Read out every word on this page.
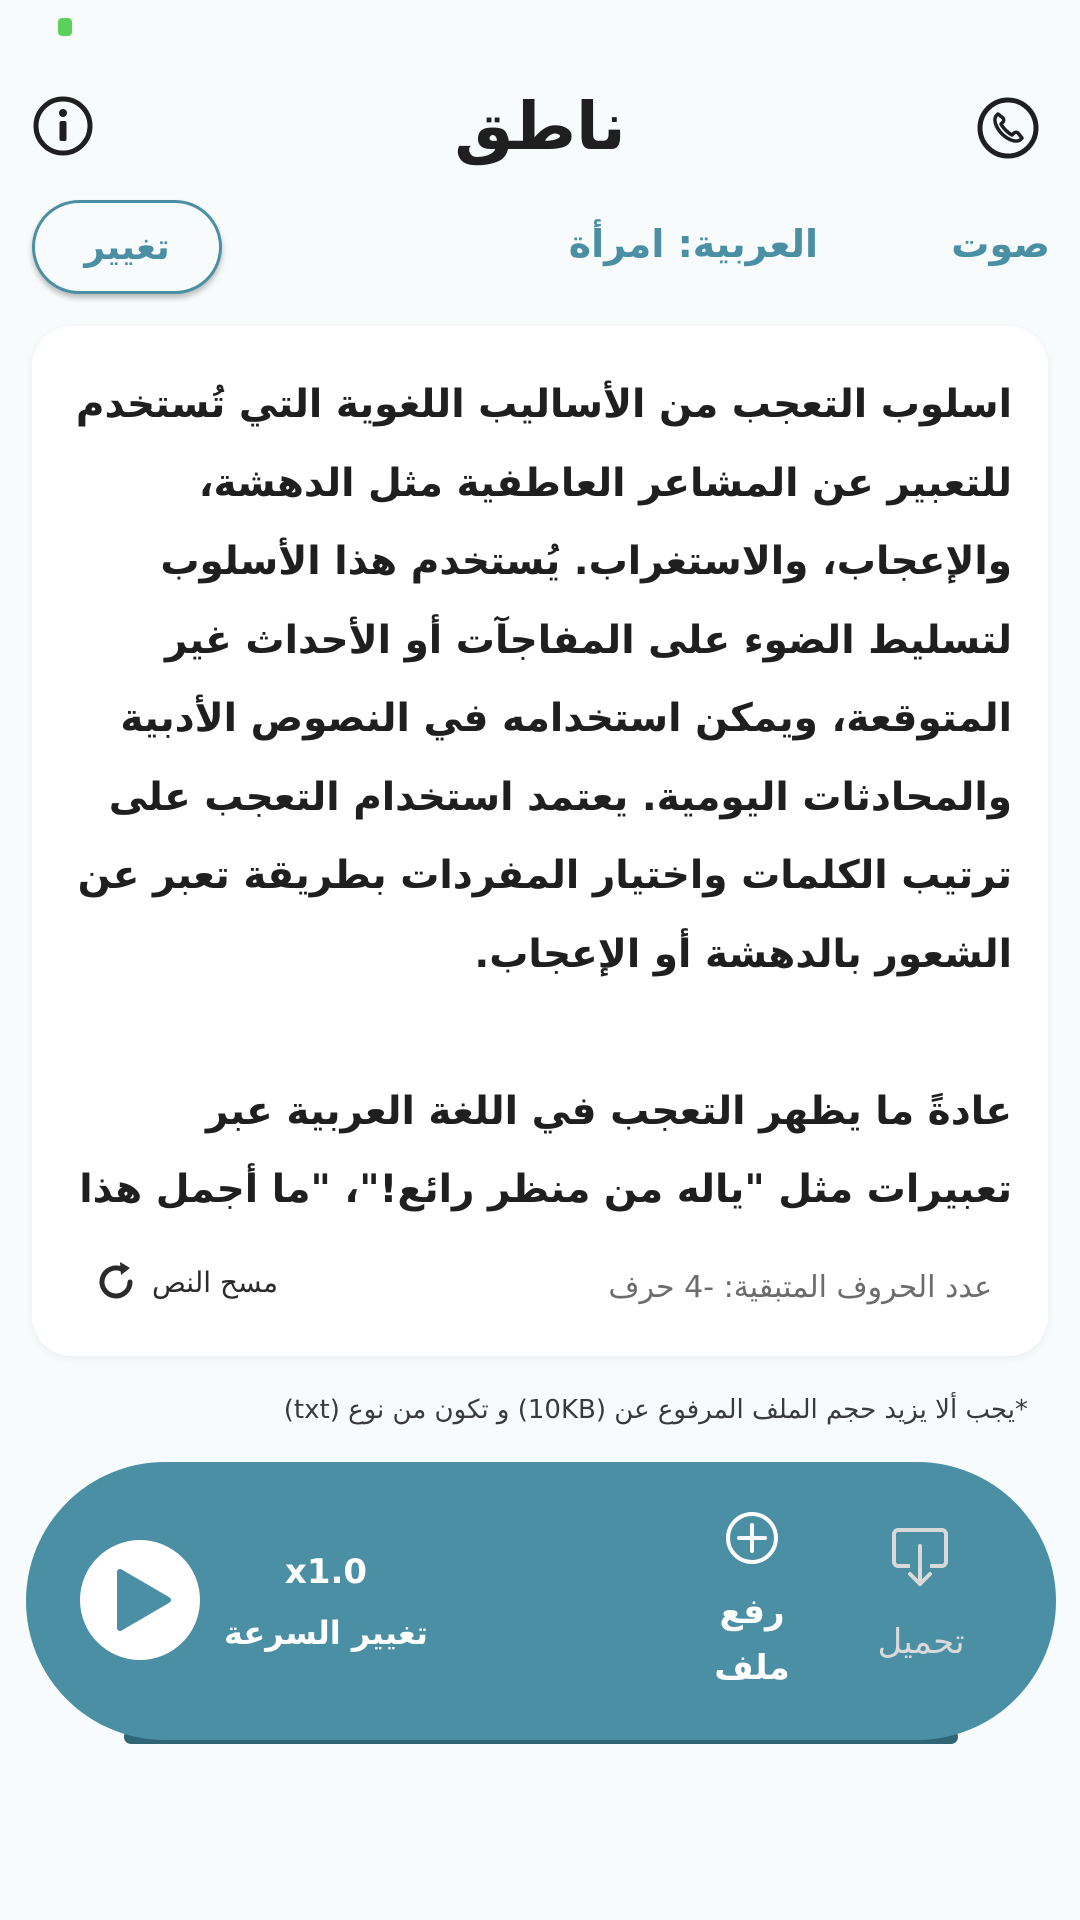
ناطق
صوت
العربية: امرأة
تغيير
اسلوب التعجب من الأساليب اللغوية التي تُستخدم للتعبير عن المشاعر العاطفية مثل الدهشة، والإعجاب، والاستغراب. يُستخدم هذا الأسلوب لتسليط الضوء على المفاجآت أو الأحداث غير المتوقعة، ويمكن استخدامه في النصوص الأدبية والمحادثات اليومية. يعتمد استخدام التعجب على ترتيب الكلمات واختيار المفردات بطريقة تعبر عن الشعور بالدهشة أو الإعجاب.

عادةً ما يظهر التعجب في اللغة العربية عبر تعبيرات مثل "ياله من منظر رائع!"، "ما أجمل هذا

عدد الحروف المتبقية: -4 حرف
مسح النص
*يجب ألا يزيد حجم الملف المرفوع عن (10KB) و تكون من نوع (txt)
x1.0
تغيير السرعة
رفع
ملف
تحميل
